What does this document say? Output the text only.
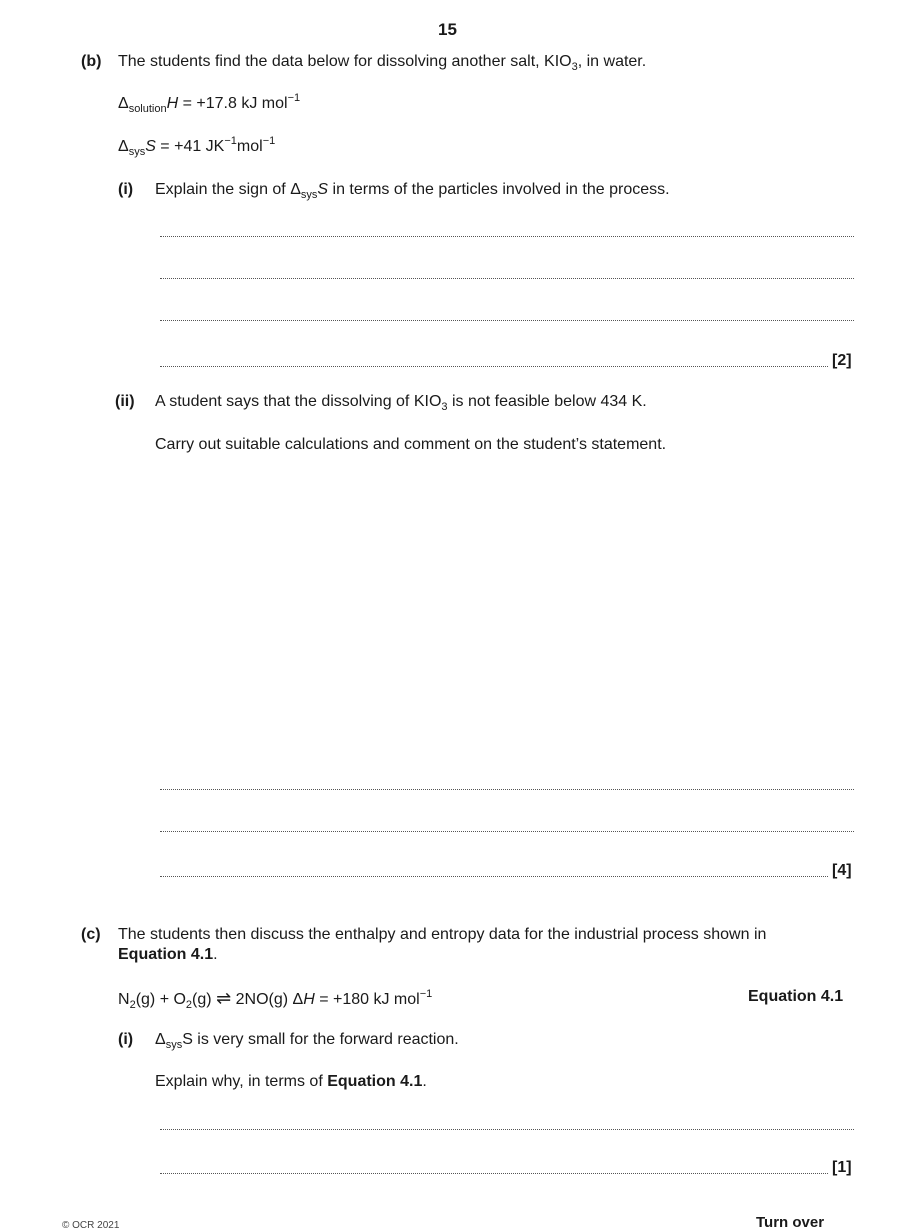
15
(b) The students find the data below for dissolving another salt, $KIO_3$, in water.
$\Delta_{solution}H = +17.8$ kJ mol$^{-1}$
$\Delta_{sys}S = +41$ $JK^{-1}mol^{-1}$
(i) Explain the sign of $\Delta_{sys}S$ in terms of the particles involved in the process.
[2]
(ii) A student says that the dissolving of $KIO_3$ is not feasible below 434 K.
Carry out suitable calculations and comment on the student’s statement.
[4]
(c) The students then discuss the enthalpy and entropy data for the industrial process shown in
Equation 4.1.
$N_2(g) + O_2(g)$ ⇌ 2NO(g) ΔH = +180 kJ mol$^{-1}$	Equation 4.1
(i) $\Delta_{sys}S$ is very small for the forward reaction.
Explain why, in terms of Equation 4.1.
[1]
© OCR 2021	Turn over
